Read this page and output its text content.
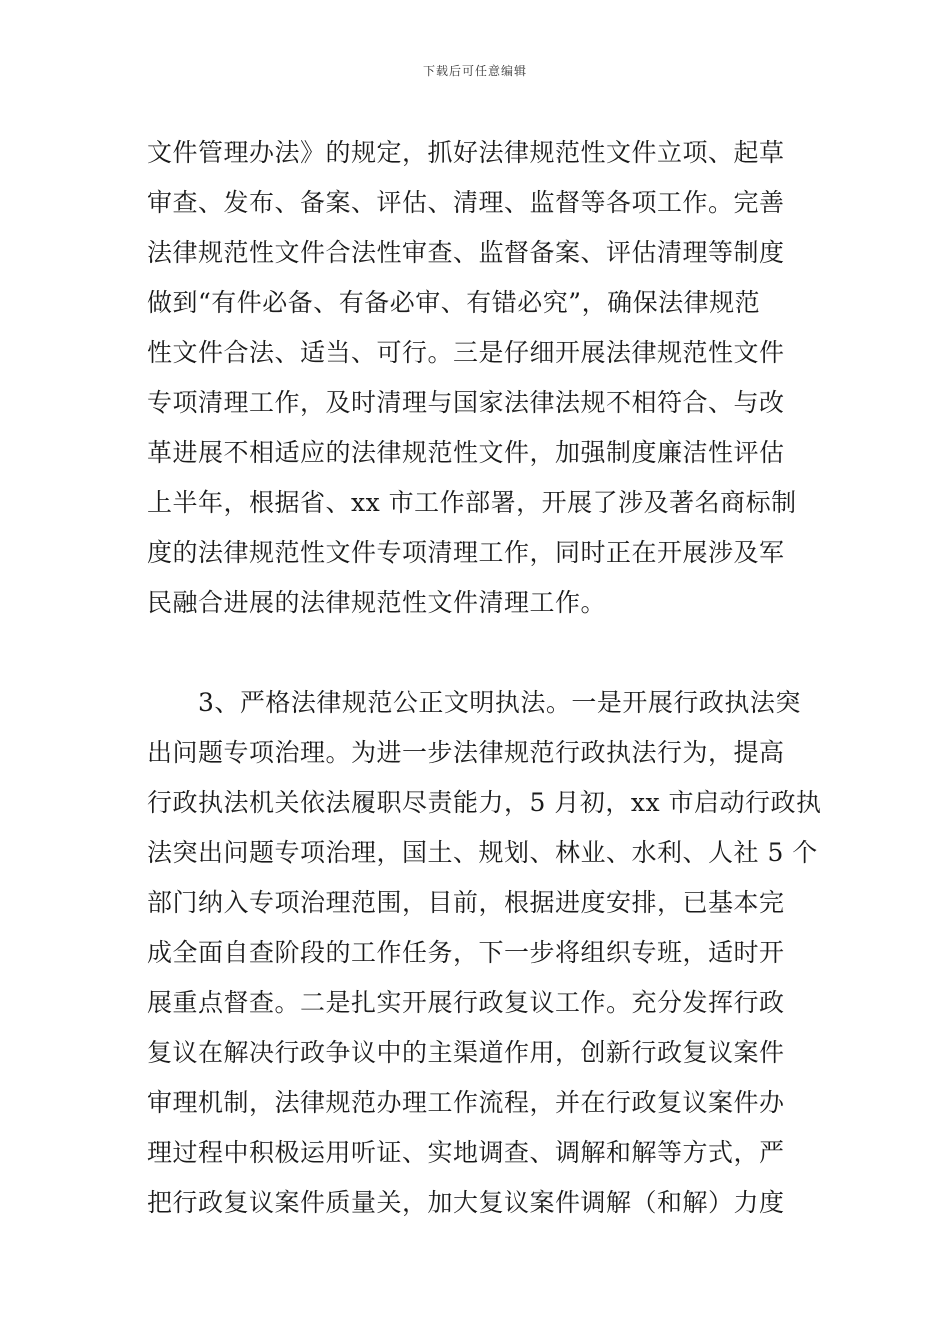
下载后可任意编辑
文件管理办法》的规定，抓好法律规范性文件立项、起草
审查、发布、备案、评估、清理、监督等各项工作。完善
法律规范性文件合法性审查、监督备案、评估清理等制度
做到“有件必备、有备必审、有错必究”，确保法律规范
性文件合法、适当、可行。三是仔细开展法律规范性文件
专项清理工作，及时清理与国家法律法规不相符合、与改
革进展不相适应的法律规范性文件，加强制度廉洁性评估
上半年，根据省、xx 市工作部署，开展了涉及著名商标制
度的法律规范性文件专项清理工作，同时正在开展涉及军
民融合进展的法律规范性文件清理工作。
　　3、严格法律规范公正文明执法。一是开展行政执法突
出问题专项治理。为进一步法律规范行政执法行为，提高
行政执法机关依法履职尽责能力，5 月初，xx 市启动行政执
法突出问题专项治理，国土、规划、林业、水利、人社 5 个
部门纳入专项治理范围，目前，根据进度安排，已基本完
成全面自查阶段的工作任务，下一步将组织专班，适时开
展重点督查。二是扎实开展行政复议工作。充分发挥行政
复议在解决行政争议中的主渠道作用，创新行政复议案件
审理机制，法律规范办理工作流程，并在行政复议案件办
理过程中积极运用听证、实地调查、调解和解等方式，严
把行政复议案件质量关，加大复议案件调解（和解）力度
